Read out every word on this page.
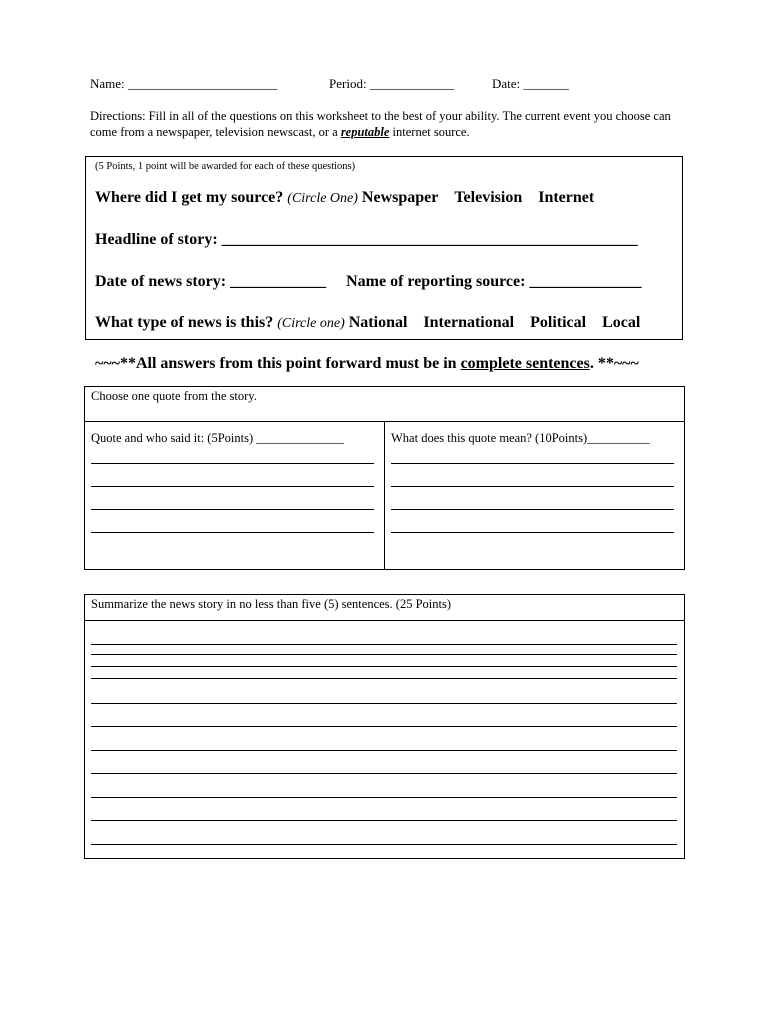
Name: _______________________	Period: _____________	Date: _______
Directions: Fill in all of the questions on this worksheet to the best of your ability. The current event you choose can come from a newspaper, television newscast, or a reputable internet source.
(5 Points, 1 point will be awarded for each of these questions)
Where did I get my source? (Circle One) Newspaper Television Internet
Headline of story: ____________________________________________________
Date of news story: ____________ Name of reporting source: ______________
What type of news is this? (Circle one) National International Political Local
~~~**All answers from this point forward must be in complete sentences. **~~~
Choose one quote from the story.
Quote and who said it: (5Points) ______________	What does this quote mean? (10Points)__________
Summarize the news story in no less than five (5) sentences. (25 Points)
